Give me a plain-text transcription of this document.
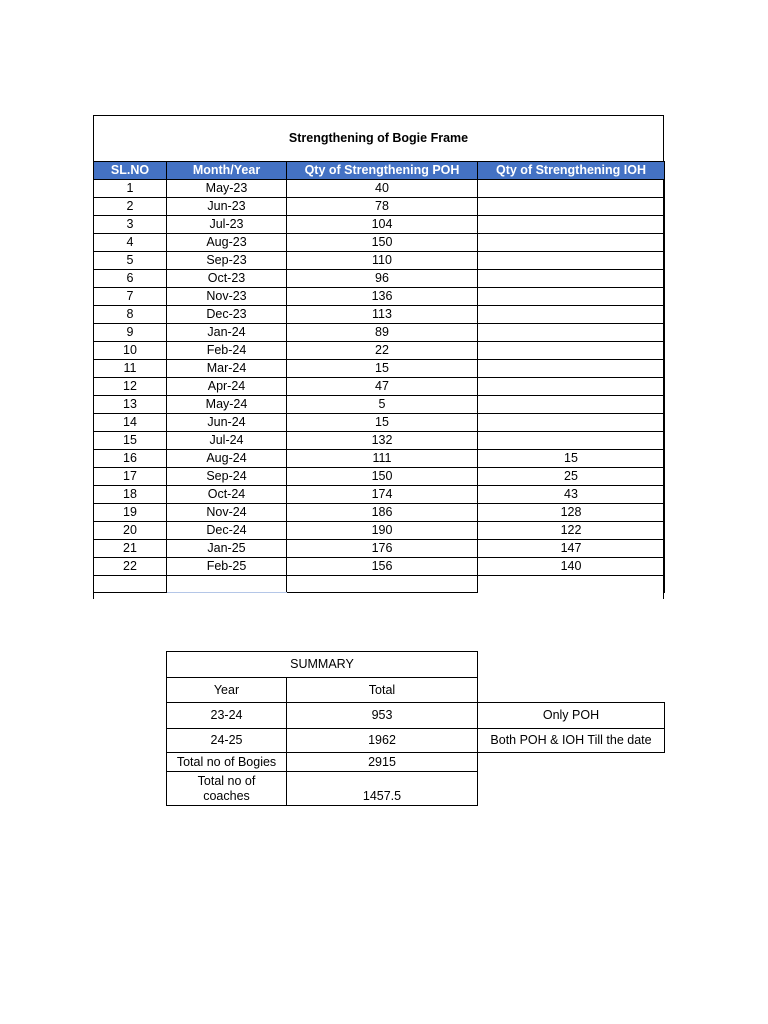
Strengthening of Bogie Frame
SL.NO	Month/Year	Qty of Strengthening POH	Qty of Strengthening IOH
1	May-23	40	
2	Jun-23	78	
3	Jul-23	104	
4	Aug-23	150	
5	Sep-23	110	
6	Oct-23	96	
7	Nov-23	136	
8	Dec-23	113	
9	Jan-24	89	
10	Feb-24	22	
11	Mar-24	15	
12	Apr-24	47	
13	May-24	5	
14	Jun-24	15	
15	Jul-24	132	
16	Aug-24	111	15
17	Sep-24	150	25
18	Oct-24	174	43
19	Nov-24	186	128
20	Dec-24	190	122
21	Jan-25	176	147
22	Feb-25	156	140

SUMMARY		
Year	Total	
23-24	953	Only POH
24-25	1962	Both POH & IOH Till the date
Total no of Bogies	2915	
Total no of coaches	1457.5	
